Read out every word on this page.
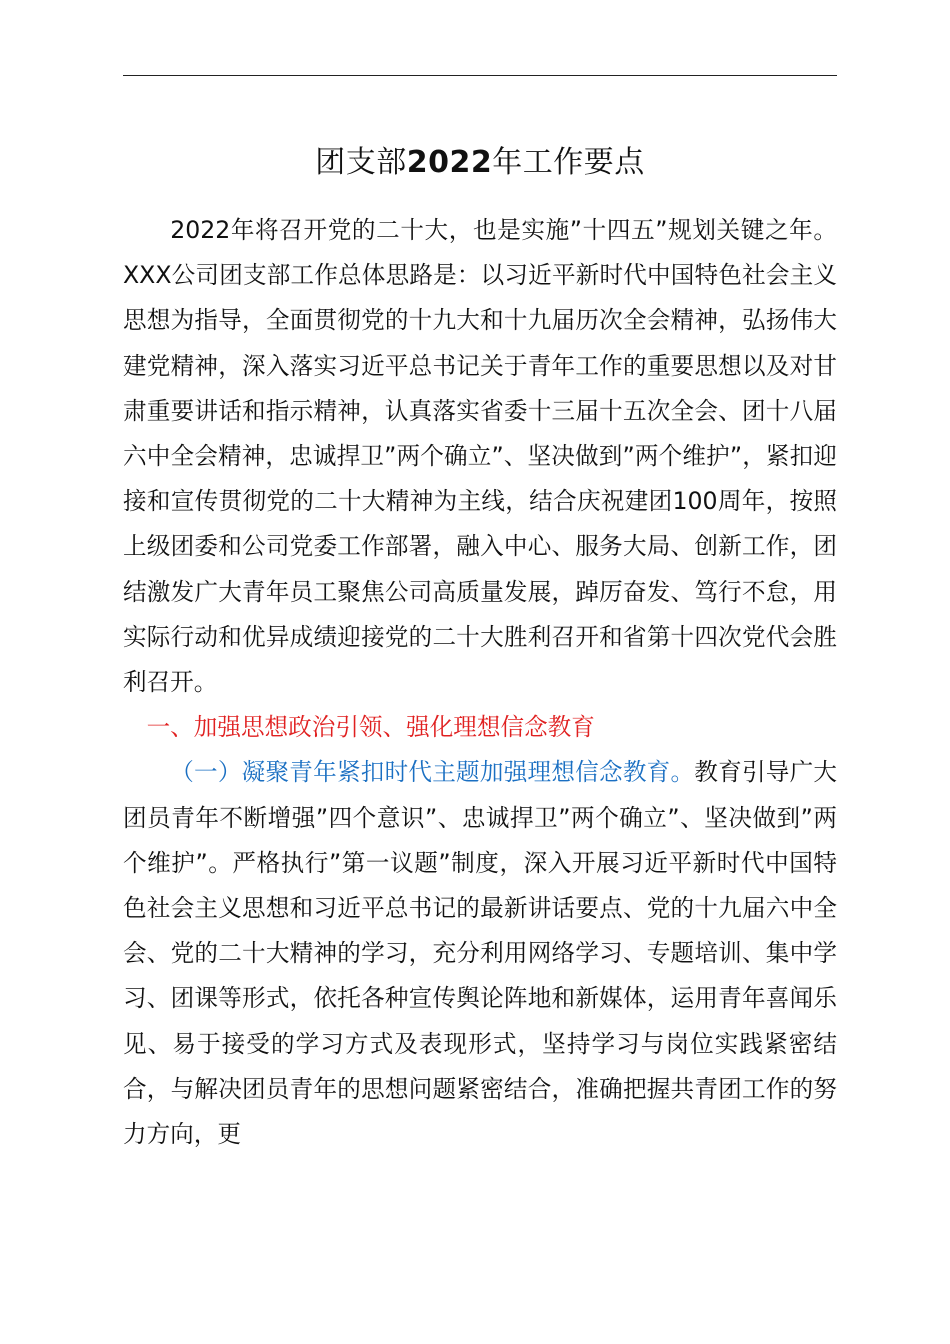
团支部2022年工作要点

2022年将召开党的二十大，也是实施”十四五”规划关键之年。XXX公司团支部工作总体思路是：以习近平新时代中国特色社会主义思想为指导，全面贯彻党的十九大和十九届历次全会精神，弘扬伟大建党精神，深入落实习近平总书记关于青年工作的重要思想以及对甘肃重要讲话和指示精神，认真落实省委十三届十五次全会、团十八届六中全会精神，忠诚捍卫”两个确立”、坚决做到”两个维护”，紧扣迎接和宣传贯彻党的二十大精神为主线，结合庆祝建团100周年，按照上级团委和公司党委工作部署，融入中心、服务大局、创新工作，团结激发广大青年员工聚焦公司高质量发展，踔厉奋发、笃行不怠，用实际行动和优异成绩迎接党的二十大胜利召开和省第十四次党代会胜利召开。

一、加强思想政治引领、强化理想信念教育

（一）凝聚青年紧扣时代主题加强理想信念教育。教育引导广大团员青年不断增强”四个意识”、忠诚捍卫”两个确立”、坚决做到”两个维护”。严格执行”第一议题”制度，深入开展习近平新时代中国特色社会主义思想和习近平总书记的最新讲话要点、党的十九届六中全会、党的二十大精神的学习，充分利用网络学习、专题培训、集中学习、团课等形式，依托各种宣传舆论阵地和新媒体，运用青年喜闻乐见、易于接受的学习方式及表现形式，坚持学习与岗位实践紧密结合，与解决团员青年的思想问题紧密结合，准确把握共青团工作的努力方向，更
